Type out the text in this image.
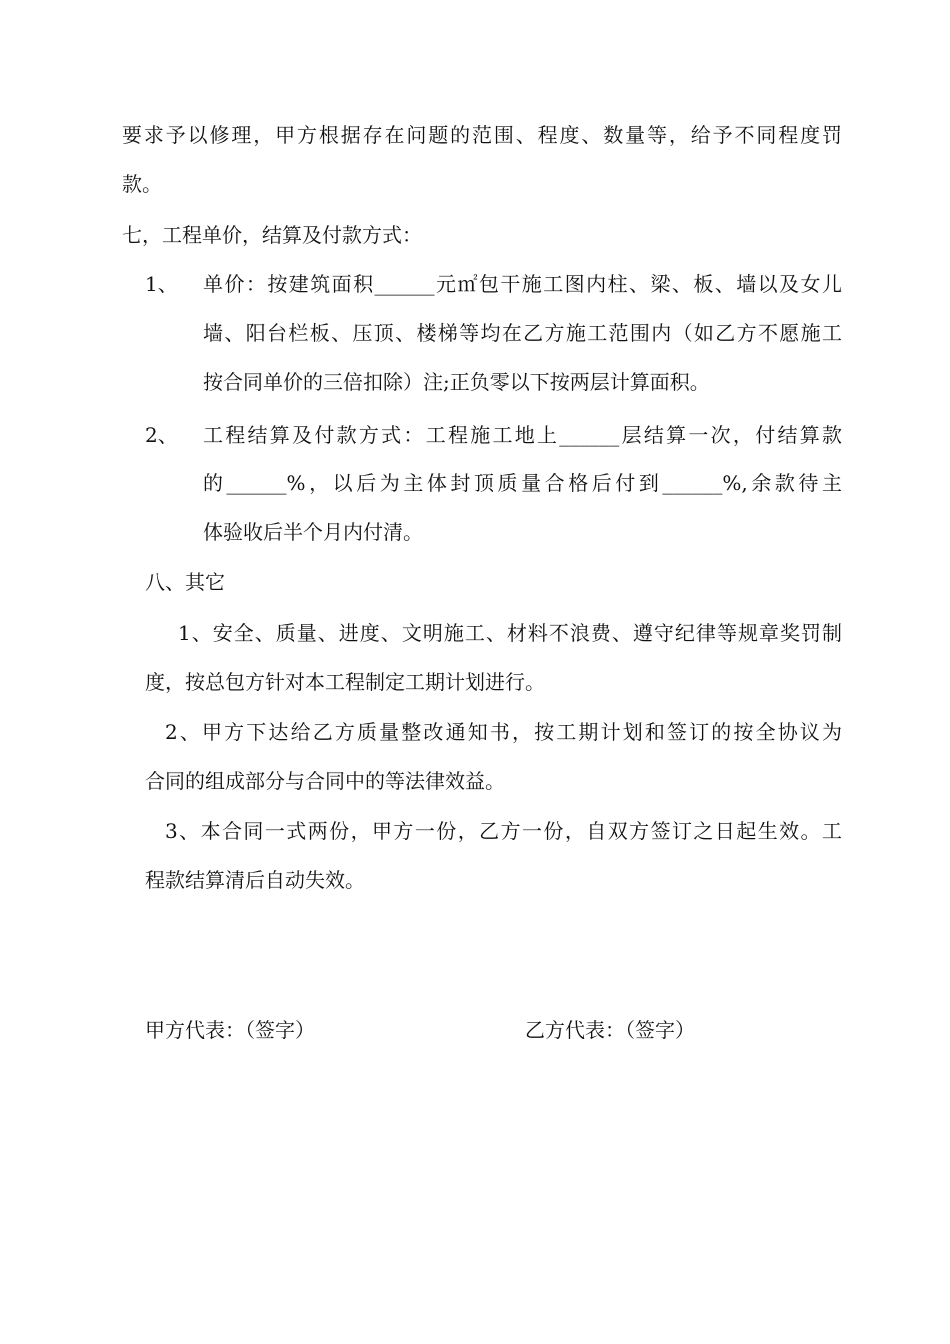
要求予以修理，甲方根据存在问题的范围、程度、数量等，给予不同程度罚
款。
七，工程单价，结算及付款方式：
1、 单价：按建筑面积______元㎡包干施工图内柱、梁、板、墙以及女儿
墙、阳台栏板、压顶、楼梯等均在乙方施工范围内（如乙方不愿施工
按合同单价的三倍扣除）注;正负零以下按两层计算面积。
2、 工程结算及付款方式：工程施工地上______层结算一次，付结算款
的______%，以后为主体封顶质量合格后付到______%,余款待主
体验收后半个月内付清。
八、其它
1、安全、质量、进度、文明施工、材料不浪费、遵守纪律等规章奖罚制
度，按总包方针对本工程制定工期计划进行。
2、甲方下达给乙方质量整改通知书，按工期计划和签订的按全协议为
合同的组成部分与合同中的等法律效益。
3、本合同一式两份，甲方一份，乙方一份，自双方签订之日起生效。工
程款结算清后自动失效。
甲方代表：（签字）	乙方代表：（签字）
